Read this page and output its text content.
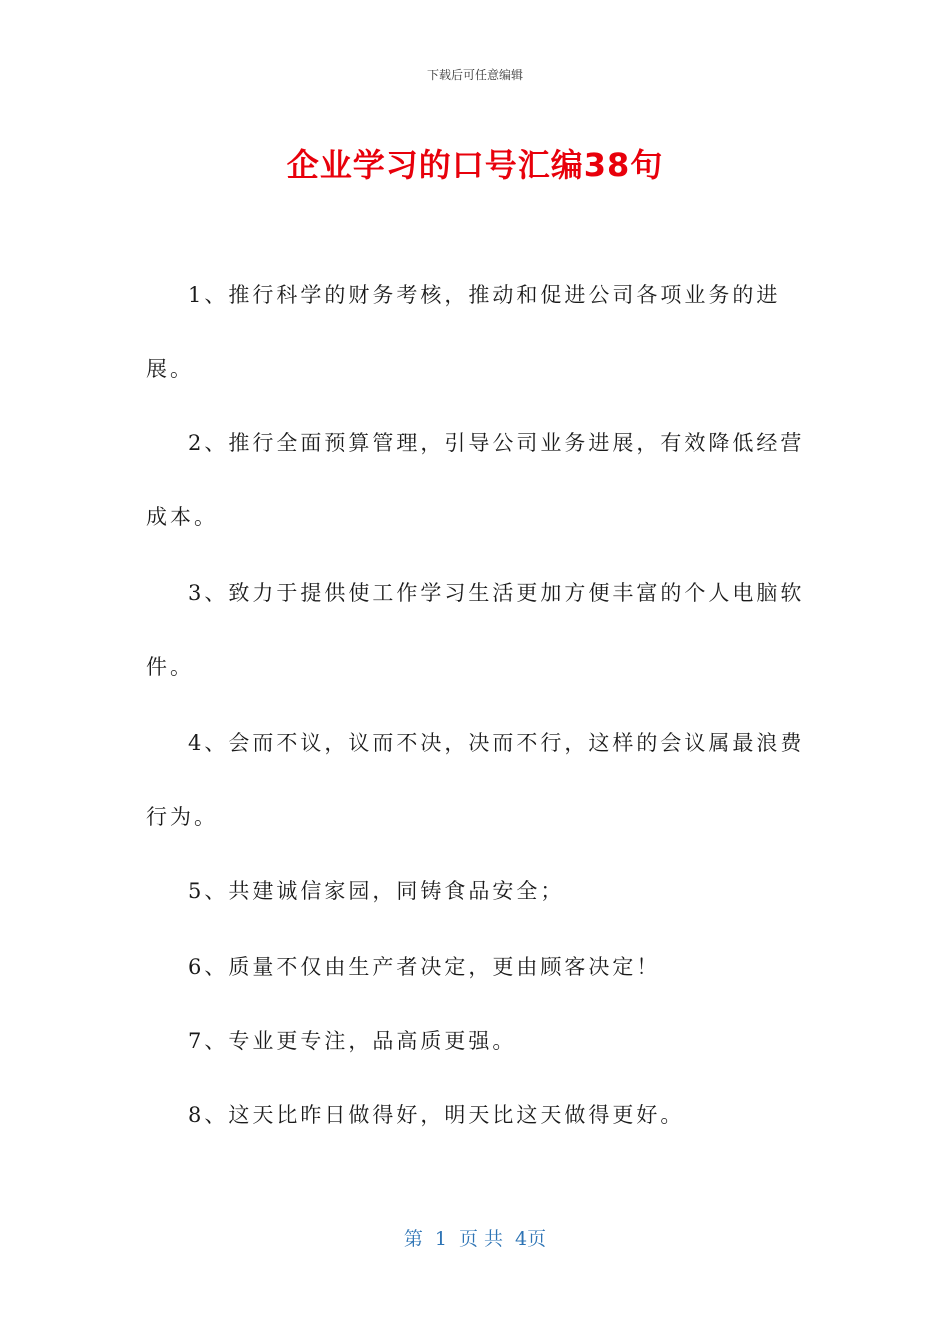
下载后可任意编辑
企业学习的口号汇编38句
1、推行科学的财务考核，推动和促进公司各项业务的进展。
2、推行全面预算管理，引导公司业务进展，有效降低经营成本。
3、致力于提供使工作学习生活更加方便丰富的个人电脑软件。
4、会而不议，议而不决，决而不行，这样的会议属最浪费行为。
5、共建诚信家园，同铸食品安全；
6、质量不仅由生产者决定，更由顾客决定！
7、专业更专注，品高质更强。
8、这天比昨日做得好，明天比这天做得更好。
第 1 页 共 4页
